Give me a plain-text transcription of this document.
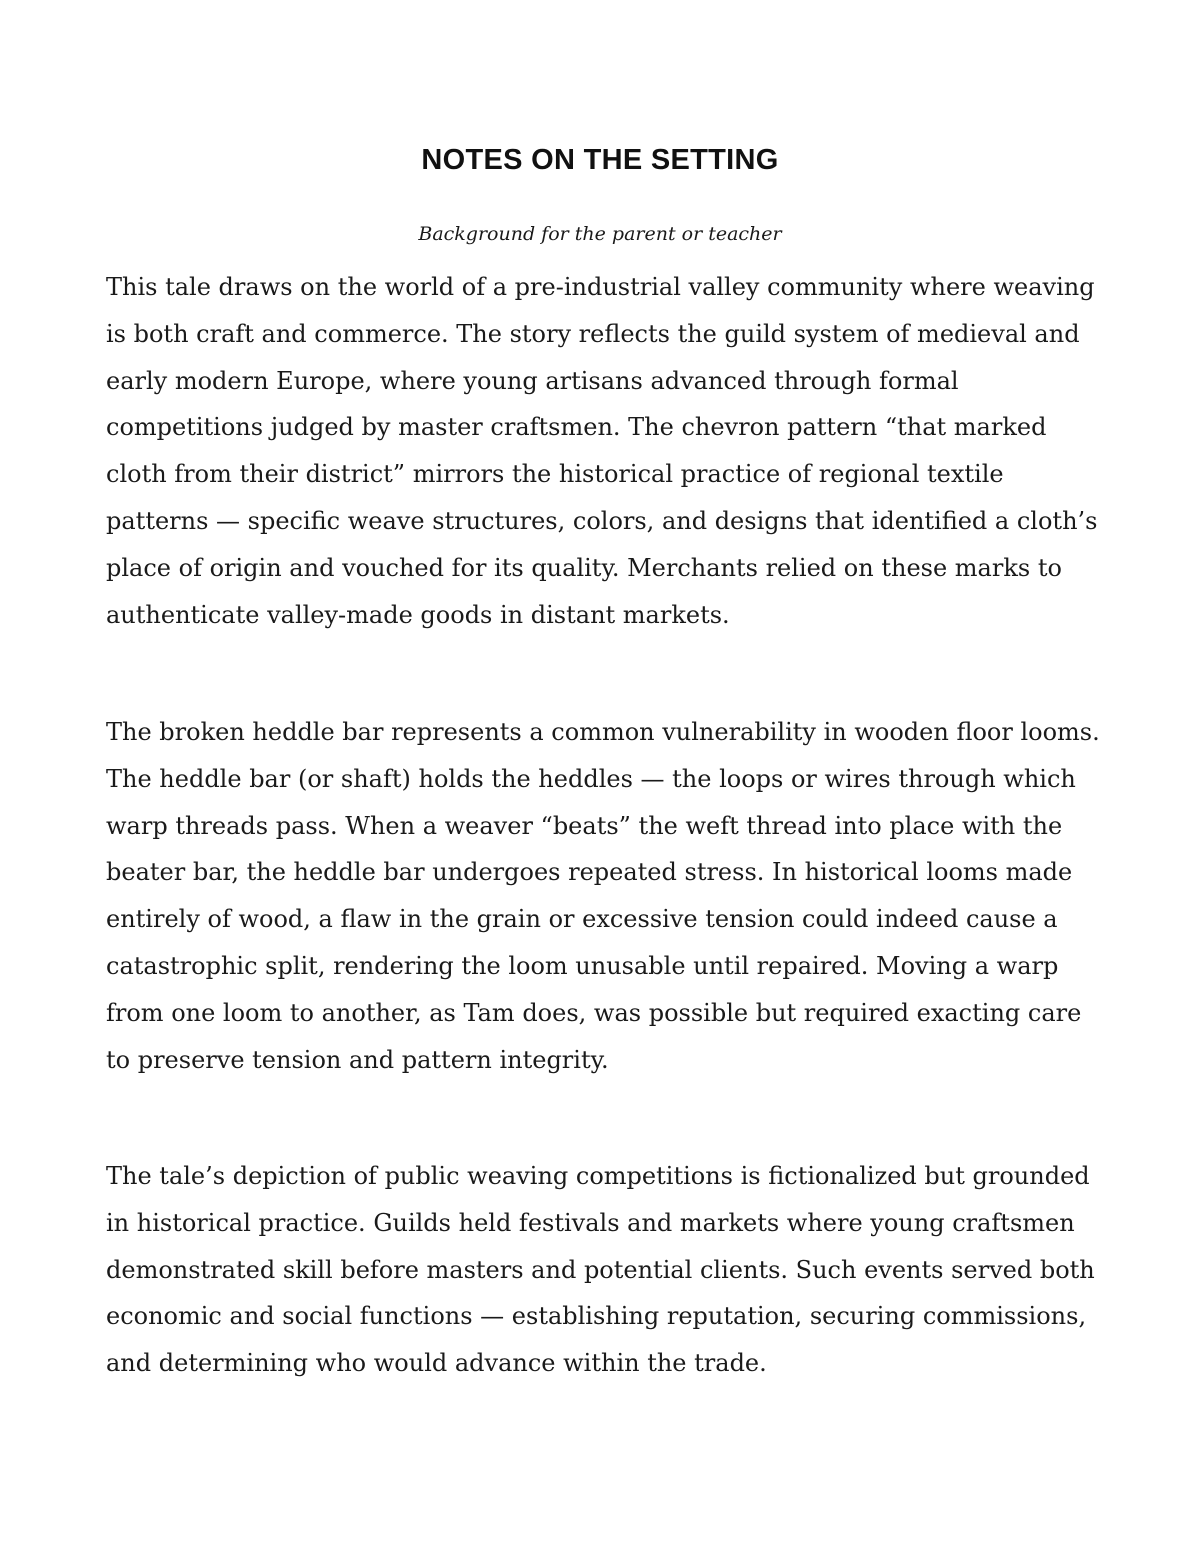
NOTES ON THE SETTING

Background for the parent or teacher

This tale draws on the world of a pre-industrial valley community where weaving
is both craft and commerce. The story reflects the guild system of medieval and
early modern Europe, where young artisans advanced through formal
competitions judged by master craftsmen. The chevron pattern “that marked
cloth from their district” mirrors the historical practice of regional textile
patterns — specific weave structures, colors, and designs that identified a cloth’s
place of origin and vouched for its quality. Merchants relied on these marks to
authenticate valley-made goods in distant markets.
The broken heddle bar represents a common vulnerability in wooden floor looms.
The heddle bar (or shaft) holds the heddles — the loops or wires through which
warp threads pass. When a weaver “beats” the weft thread into place with the
beater bar, the heddle bar undergoes repeated stress. In historical looms made
entirely of wood, a flaw in the grain or excessive tension could indeed cause a
catastrophic split, rendering the loom unusable until repaired. Moving a warp
from one loom to another, as Tam does, was possible but required exacting care
to preserve tension and pattern integrity.
The tale’s depiction of public weaving competitions is fictionalized but grounded
in historical practice. Guilds held festivals and markets where young craftsmen
demonstrated skill before masters and potential clients. Such events served both
economic and social functions — establishing reputation, securing commissions,
and determining who would advance within the trade.
